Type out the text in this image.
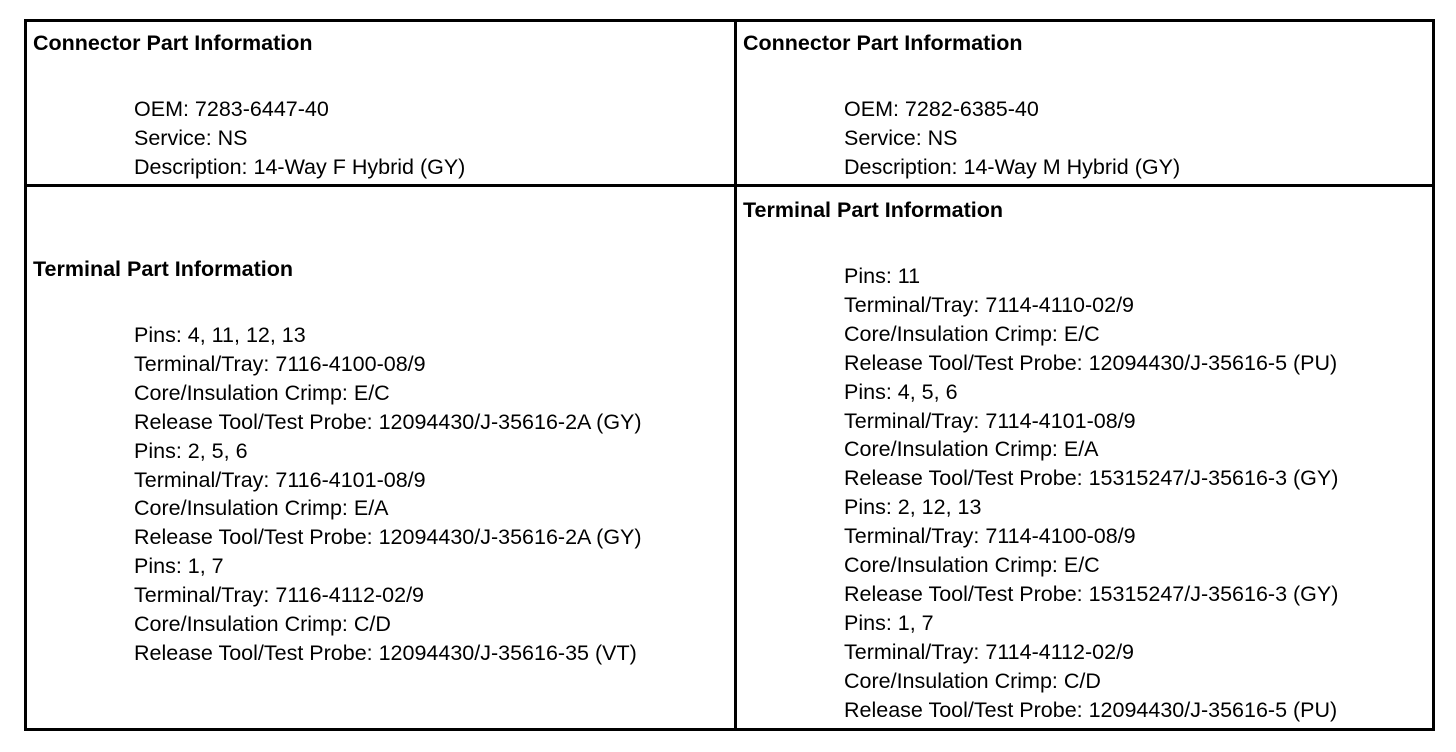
Connector Part Information
OEM: 7283-6447-40
Service: NS
Description: 14-Way F Hybrid (GY)
Connector Part Information
OEM: 7282-6385-40
Service: NS
Description: 14-Way M Hybrid (GY)
Terminal Part Information
Pins: 4, 11, 12, 13
Terminal/Tray: 7116-4100-08/9
Core/Insulation Crimp: E/C
Release Tool/Test Probe: 12094430/J-35616-2A (GY)
Pins: 2, 5, 6
Terminal/Tray: 7116-4101-08/9
Core/Insulation Crimp: E/A
Release Tool/Test Probe: 12094430/J-35616-2A (GY)
Pins: 1, 7
Terminal/Tray: 7116-4112-02/9
Core/Insulation Crimp: C/D
Release Tool/Test Probe: 12094430/J-35616-35 (VT)
Terminal Part Information
Pins: 11
Terminal/Tray: 7114-4110-02/9
Core/Insulation Crimp: E/C
Release Tool/Test Probe: 12094430/J-35616-5 (PU)
Pins: 4, 5, 6
Terminal/Tray: 7114-4101-08/9
Core/Insulation Crimp: E/A
Release Tool/Test Probe: 15315247/J-35616-3 (GY)
Pins: 2, 12, 13
Terminal/Tray: 7114-4100-08/9
Core/Insulation Crimp: E/C
Release Tool/Test Probe: 15315247/J-35616-3 (GY)
Pins: 1, 7
Terminal/Tray: 7114-4112-02/9
Core/Insulation Crimp: C/D
Release Tool/Test Probe: 12094430/J-35616-5 (PU)
